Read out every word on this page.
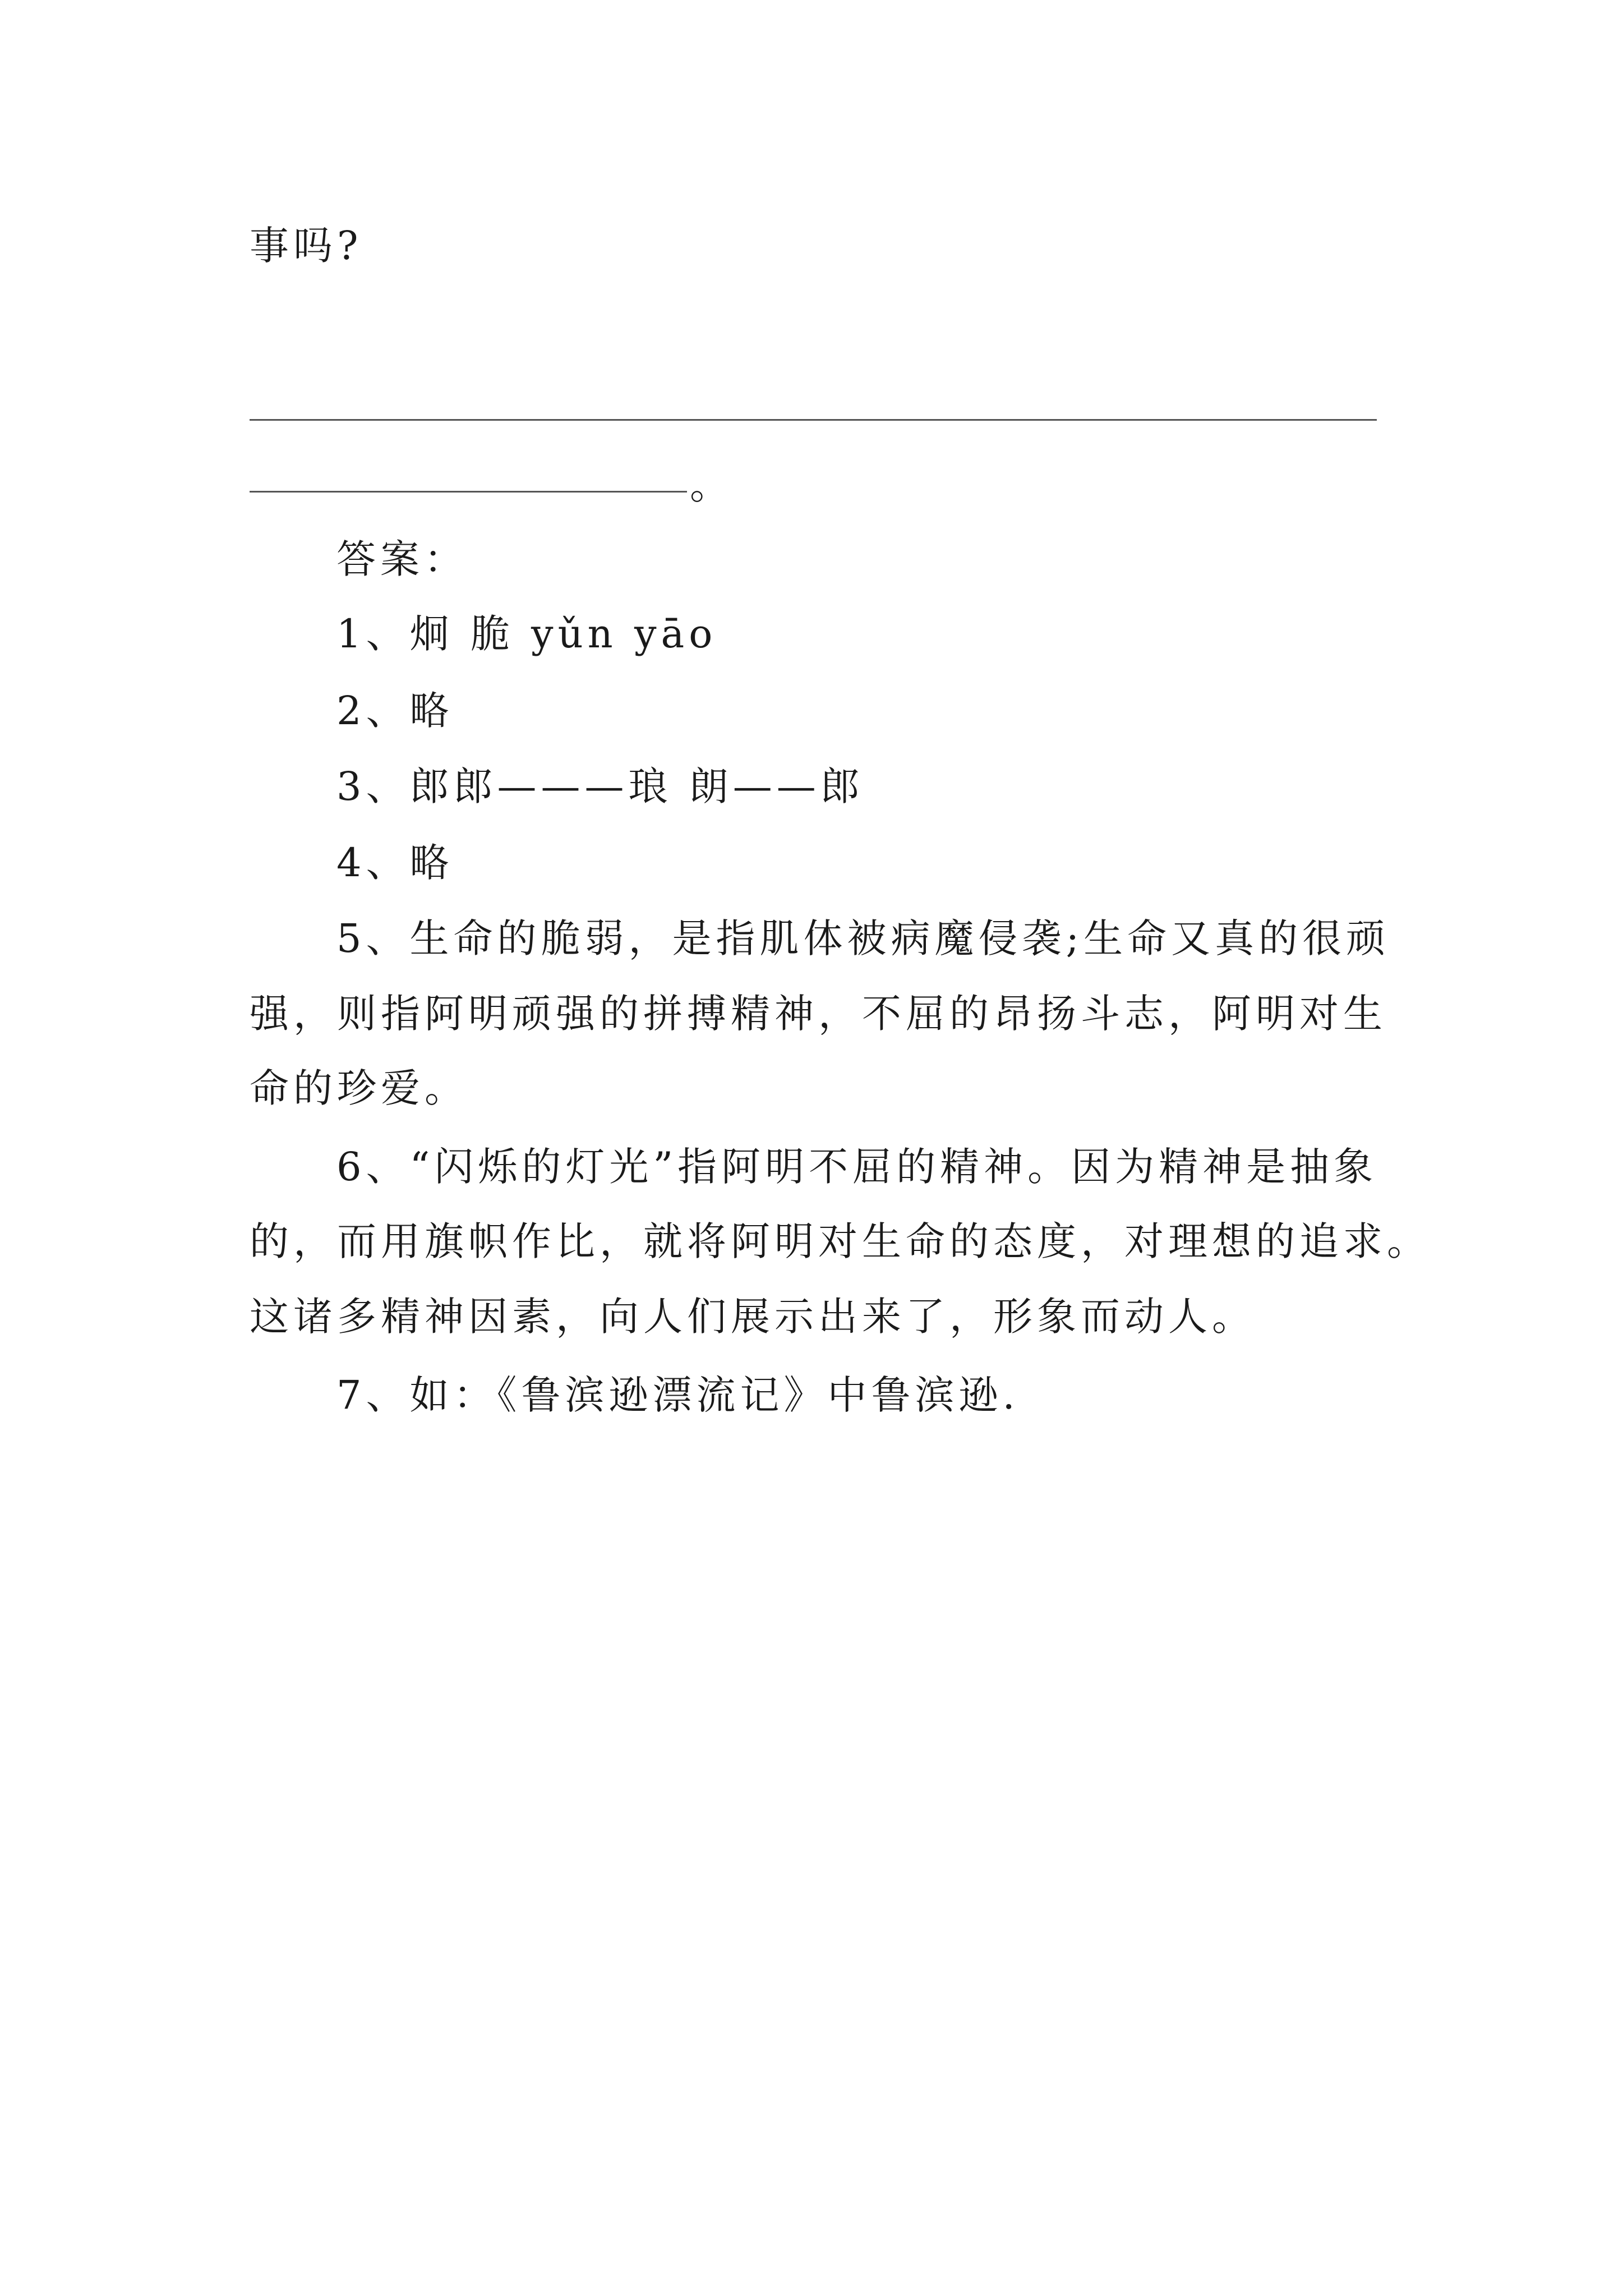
事吗?
。
答案：
1、炯 脆 yǔn yāo
2、略
3、郎郎———琅 朗——郎
4、略
5、生命的脆弱，是指肌体被病魔侵袭;生命又真的很顽
强，则指阿明顽强的拼搏精神，不屈的昂扬斗志，阿明对生
命的珍爱。
6、“闪烁的灯光”指阿明不屈的精神。因为精神是抽象
的，而用旗帜作比，就将阿明对生命的态度，对理想的追求。
这诸多精神因素，向人们展示出来了，形象而动人。
7、如：《鲁滨逊漂流记》中鲁滨逊.
